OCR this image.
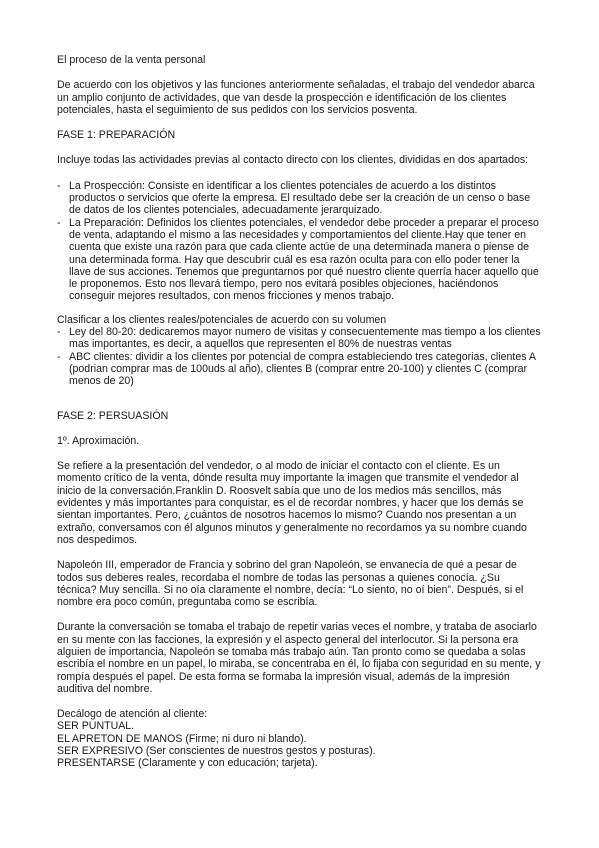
El proceso de la venta personal

De acuerdo con los objetivos y las funciones anteriormente señaladas, el trabajo del vendedor abarca un amplio conjunto de actividades, que van desde la prospección e identificación de los clientes potenciales, hasta el seguimiento de sus pedidos con los servicios posventa.

FASE 1: PREPARACIÓN

Incluye todas las actividades previas al contacto directo con los clientes, divididas en dos apartados:

- La Prospección: Consiste en identificar a los clientes potenciales de acuerdo a los distintos productos o servicios que oferte la empresa. El resultado debe ser la creación de un censo o base de datos de los clientes potenciales, adecuadamente jerarquizado.
- La Preparación: Definidos los clientes potenciales, el vendedor debe proceder a preparar el proceso de venta, adaptando el mismo a las necesidades y comportamientos del cliente.Hay que tener en cuenta que existe una razón para que cada cliente actúe de una determinada manera o piense de una determinada forma. Hay que descubrir cuál es esa razón oculta para con ello poder tener la llave de sus acciones. Tenemos que preguntarnos por qué nuestro cliente querría hacer aquello que le proponemos. Esto nos llevará tiempo, pero nos evitará posibles objeciones, haciéndonos conseguir mejores resultados, con menos fricciones y menos trabajo.

Clasificar a los clientes reales/potenciales de acuerdo con su volumen

- Ley del 80-20: dedicaremos mayor numero de visitas y consecuentemente mas tiempo a los clientes mas importantes, es decir, a aquellos que representen el 80% de nuestras ventas
- ABC clientes: dividir a los clientes por potencial de compra estableciendo tres categorias, clientes A (podrian comprar mas de 100uds al año), clientes B (comprar entre 20-100) y clientes C (comprar menos de 20)

FASE 2: PERSUASIÓN

1º. Aproximación.

Se refiere a la presentación del vendedor, o al modo de iniciar el contacto con el cliente. Es un momento crítico de la venta, dónde resulta muy importante la imagen que transmite el vendedor al inicio de la conversación.Franklin D. Roosvelt sabía que uno de los medios más sencillos, más evidentes y más importantes para conquistar, es el de recordar nombres, y hacer que los demás se sientan importantes. Pero, ¿cuántos de nosotros hacemos lo mismo? Cuando nos presentan a un extraño, conversamos con él algunos minutos y generalmente no recordamos ya su nombre cuando nos despedimos.

Napoleón III, emperador de Francia y sobrino del gran Napoleón, se envanecía de qué a pesar de todos sus deberes reales, recordaba el nombre de todas las personas a quienes conocía. ¿Su técnica? Muy sencilla. Si no oía claramente el nombre, decía: “Lo siento, no oí bien”. Después, si el nombre era poco común, preguntaba como se escribía.

Durante la conversación se tomaba el trabajo de repetir varias veces el nombre, y trataba de asociarlo en su mente con las facciones, la expresión y el aspecto general del interlocutor. Si la persona era alguien de importancia, Napoleón se tomaba más trabajo aún. Tan pronto como se quedaba a solas escribía el nombre en un papel, lo miraba, se concentraba en él, lo fijaba con seguridad en su mente, y rompía después el papel. De esta forma se formaba la impresión visual, además de la impresión auditiva del nombre.

Decálogo de atención al cliente:

SER PUNTUAL.

EL APRETON DE MANOS (Firme; ni duro ni blando).

SER EXPRESIVO (Ser conscientes de nuestros gestos y posturas).

PRESENTARSE (Claramente y con educación; tarjeta).
